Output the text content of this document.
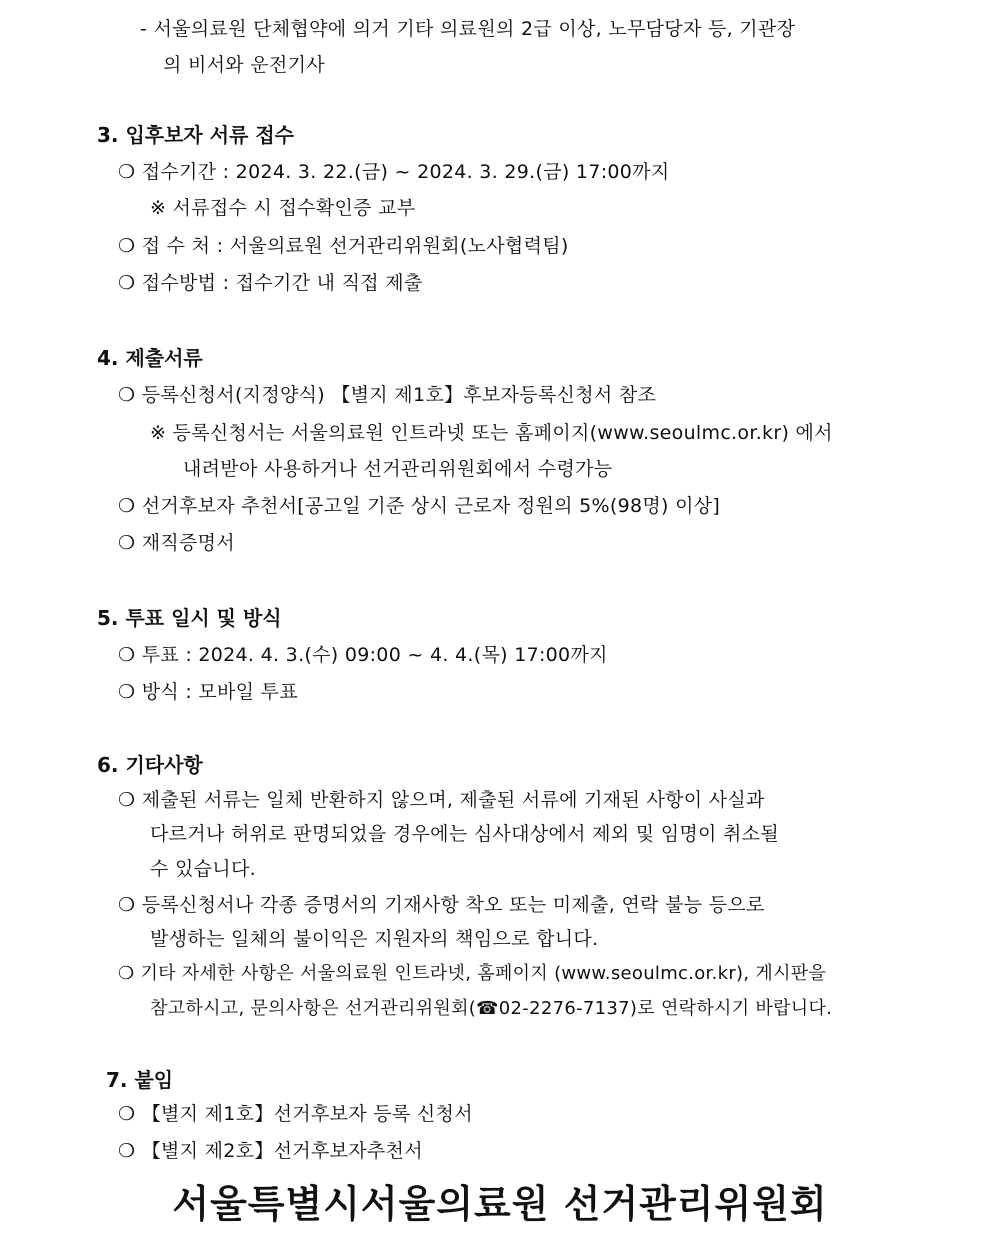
- 서울의료원 단체협약에 의거 기타 의료원의 2급 이상, 노무담당자 등, 기관장
의 비서와 운전기사
3. 입후보자 서류 접수
❍ 접수기간 : 2024. 3. 22.(금) ~ 2024. 3. 29.(금) 17:00까지
※ 서류접수 시 접수확인증 교부
❍ 접 수 처 : 서울의료원 선거관리위원회(노사협력팀)
❍ 접수방법 : 접수기간 내 직접 제출
4. 제출서류
❍ 등록신청서(지정양식) 【별지 제1호】후보자등록신청서 참조
※ 등록신청서는 서울의료원 인트라넷 또는 홈페이지(www.seoulmc.or.kr) 에서
내려받아 사용하거나 선거관리위원회에서 수령가능
❍ 선거후보자 추천서[공고일 기준 상시 근로자 정원의 5%(98명) 이상]
❍ 재직증명서
5. 투표 일시 및 방식
❍ 투표 : 2024. 4. 3.(수) 09:00 ~ 4. 4.(목) 17:00까지
❍ 방식 : 모바일 투표
6. 기타사항
❍ 제출된 서류는 일체 반환하지 않으며, 제출된 서류에 기재된 사항이 사실과
다르거나 허위로 판명되었을 경우에는 심사대상에서 제외 및 임명이 취소될
수 있습니다.
❍ 등록신청서나 각종 증명서의 기재사항 착오 또는 미제출, 연락 불능 등으로
발생하는 일체의 불이익은 지원자의 책임으로 합니다.
❍ 기타 자세한 사항은 서울의료원 인트라넷, 홈페이지 (www.seoulmc.or.kr), 게시판을
참고하시고, 문의사항은 선거관리위원회(☎02-2276-7137)로 연락하시기 바랍니다.
7. 붙임
❍ 【별지 제1호】선거후보자 등록 신청서
❍ 【별지 제2호】선거후보자추천서
서울특별시서울의료원 선거관리위원회
